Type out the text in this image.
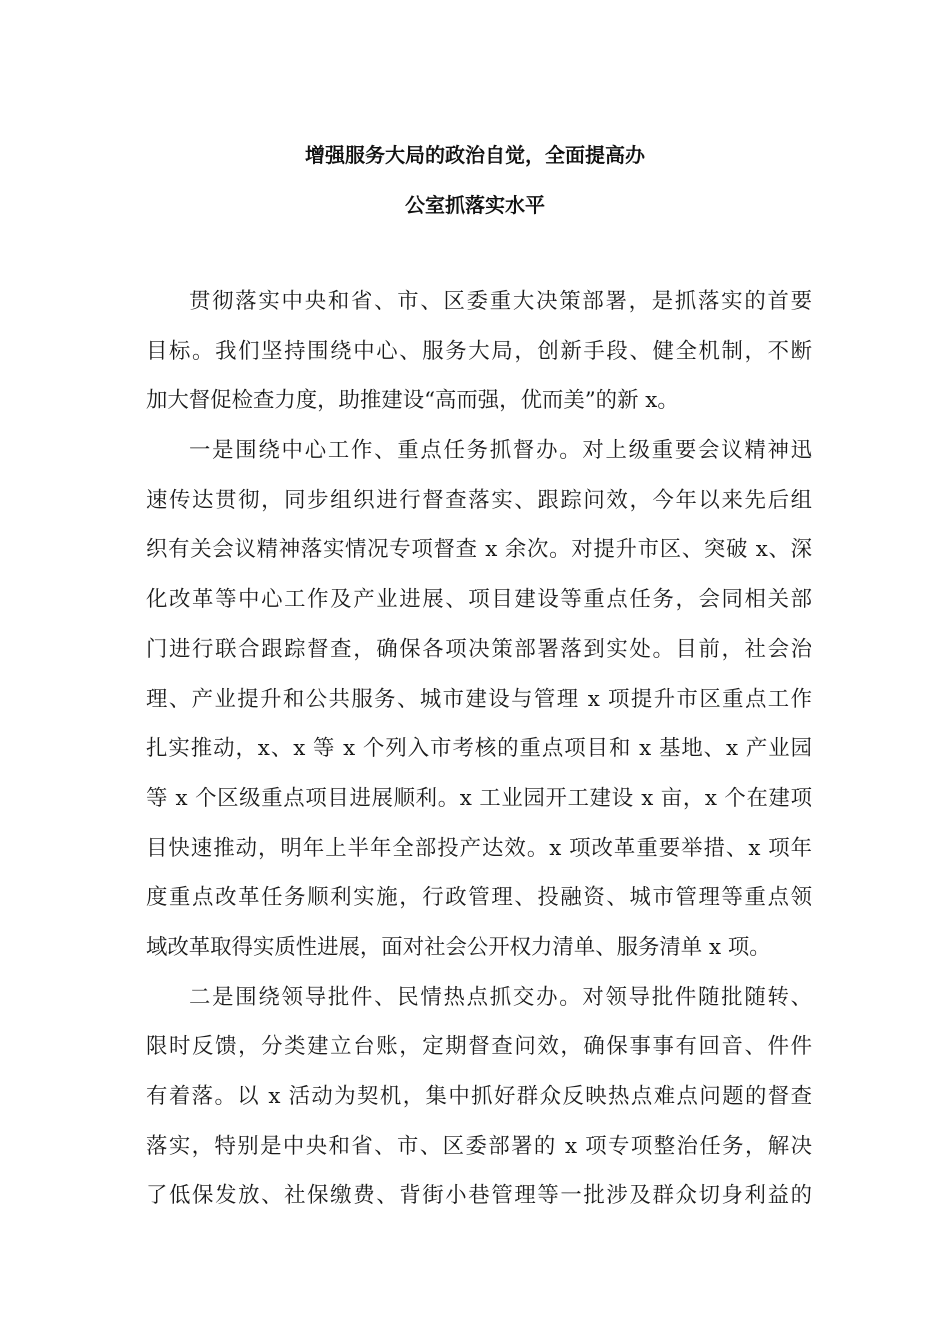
增强服务大局的政治自觉，全面提高办
公室抓落实水平
贯彻落实中央和省、市、区委重大决策部署，是抓落实的首要
目标。我们坚持围绕中心、服务大局，创新手段、健全机制，不断
加大督促检查力度，助推建设“高而强，优而美”的新 x。
一是围绕中心工作、重点任务抓督办。对上级重要会议精神迅
速传达贯彻，同步组织进行督查落实、跟踪问效，今年以来先后组
织有关会议精神落实情况专项督查 x 余次。对提升市区、突破 x、深
化改革等中心工作及产业进展、项目建设等重点任务，会同相关部
门进行联合跟踪督查，确保各项决策部署落到实处。目前，社会治
理、产业提升和公共服务、城市建设与管理 x 项提升市区重点工作
扎实推动，x、x 等 x 个列入市考核的重点项目和 x 基地、x 产业园
等 x 个区级重点项目进展顺利。x 工业园开工建设 x 亩，x 个在建项
目快速推动，明年上半年全部投产达效。x 项改革重要举措、x 项年
度重点改革任务顺利实施，行政管理、投融资、城市管理等重点领
域改革取得实质性进展，面对社会公开权力清单、服务清单 x 项。
二是围绕领导批件、民情热点抓交办。对领导批件随批随转、
限时反馈，分类建立台账，定期督查问效，确保事事有回音、件件
有着落。以 x 活动为契机，集中抓好群众反映热点难点问题的督查
落实，特别是中央和省、市、区委部署的 x 项专项整治任务，解决
了低保发放、社保缴费、背街小巷管理等一批涉及群众切身利益的
